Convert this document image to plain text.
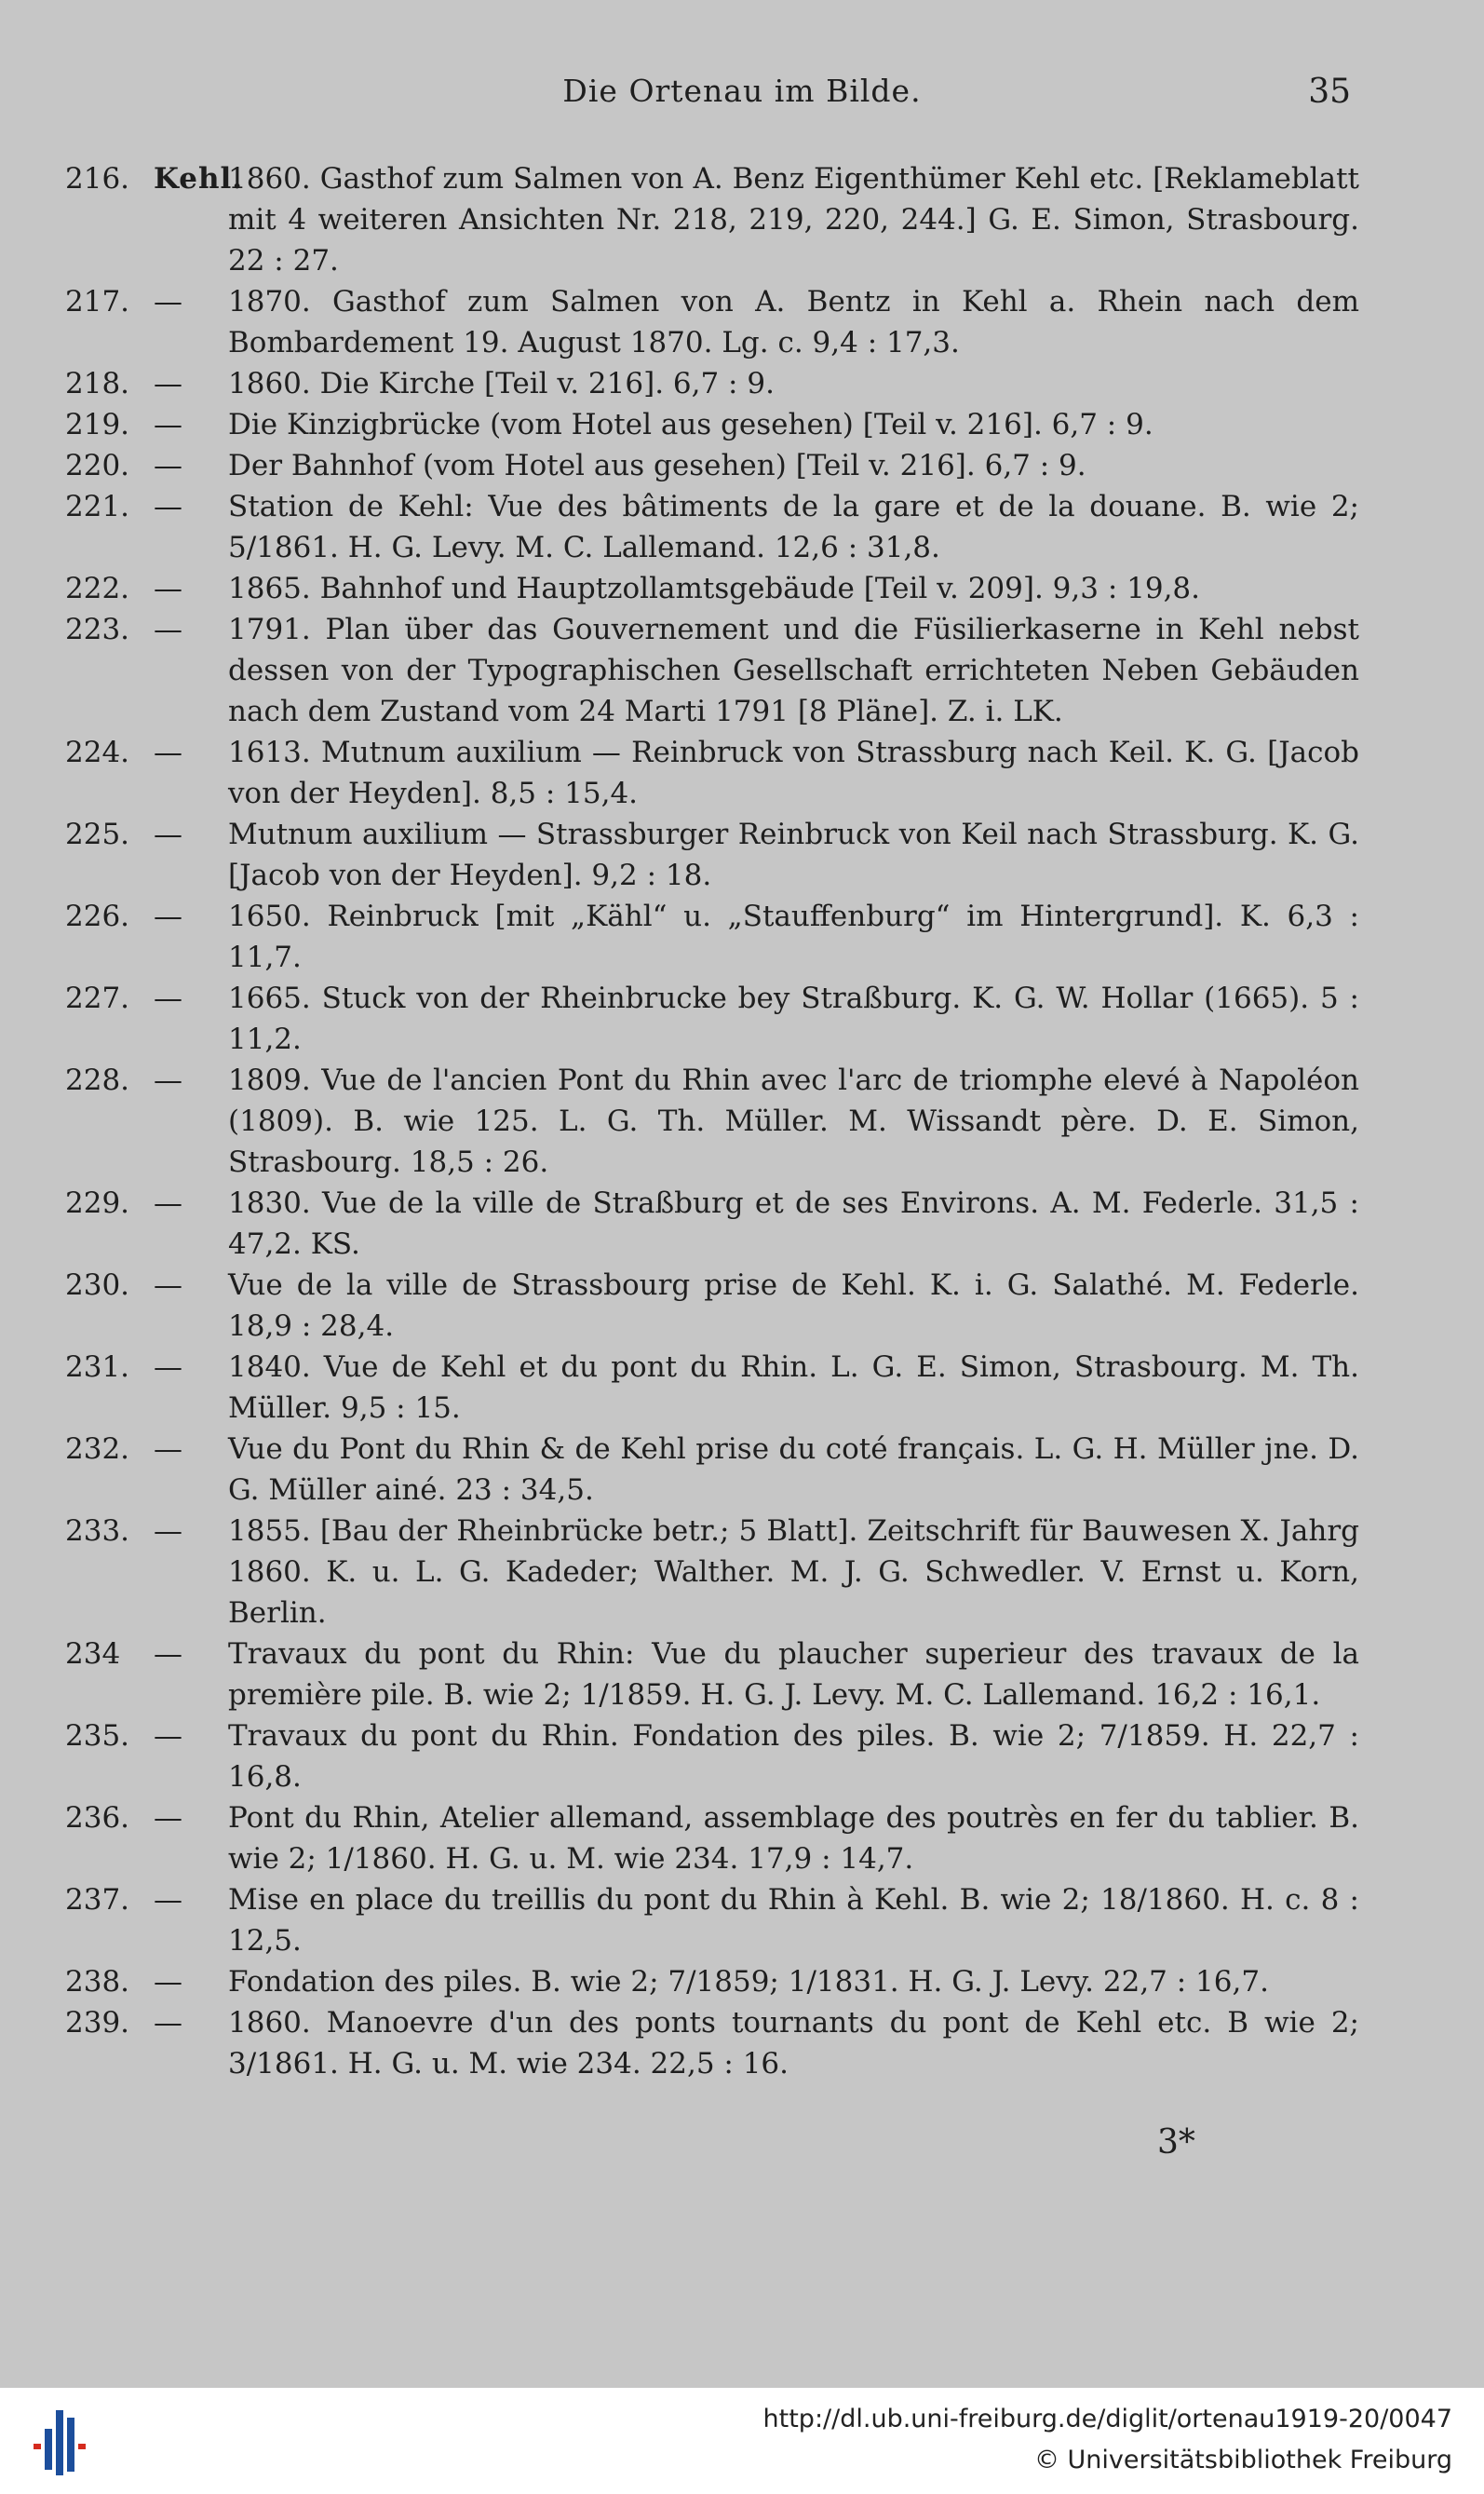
Die Ortenau im Bilde.	35
216. Kehl.
1860. Gasthof zum Salmen von A. Benz Eigenthümer Kehl etc. [Reklameblatt mit 4 weiteren Ansichten Nr. 218, 219, 220, 244.] G. E. Simon, Strasbourg. 22 : 27.
217. — 1870. Gasthof zum Salmen von A. Bentz in Kehl a. Rhein nach dem Bombardement 19. August 1870. Lg. c. 9,4 : 17,3.
218. — 1860. Die Kirche [Teil v. 216]. 6,7 : 9.
219. — Die Kinzigbrücke (vom Hotel aus gesehen) [Teil v. 216]. 6,7 : 9.
220. — Der Bahnhof (vom Hotel aus gesehen) [Teil v. 216]. 6,7 : 9.
221. — Station de Kehl: Vue des bâtiments de la gare et de la douane. B. wie 2; 5/1861. H. G. Levy. M. C. Lallemand. 12,6 : 31,8.
222. — 1865. Bahnhof und Hauptzollamtsgebäude [Teil v. 209]. 9,3 : 19,8.
223. — 1791. Plan über das Gouvernement und die Füsilierkaserne in Kehl nebst dessen von der Typographischen Gesellschaft errichteten Neben Gebäuden nach dem Zustand vom 24 Marti 1791 [8 Pläne]. Z. i. LK.
224. — 1613. Mutnum auxilium — Reinbruck von Strassburg nach Keil. K. G. [Jacob von der Heyden]. 8,5 : 15,4.
225. — Mutnum auxilium — Strassburger Reinbruck von Keil nach Strassburg. K. G. [Jacob von der Heyden]. 9,2 : 18.
226. — 1650. Reinbruck [mit „Kähl“ u. „Stauffenburg“ im Hintergrund]. K. 6,3 : 11,7.
227. — 1665. Stuck von der Rheinbrucke bey Straßburg. K. G. W. Hollar (1665). 5 : 11,2.
228. — 1809. Vue de l'ancien Pont du Rhin avec l'arc de triomphe elevé à Napoléon (1809). B. wie 125. L. G. Th. Müller. M. Wissandt père. D. E. Simon, Strasbourg. 18,5 : 26.
229. — 1830. Vue de la ville de Straßburg et de ses Environs. A. M. Federle. 31,5 : 47,2. KS.
230. — Vue de la ville de Strassbourg prise de Kehl. K. i. G. Salathé. M. Federle. 18,9 : 28,4.
231. — 1840. Vue de Kehl et du pont du Rhin. L. G. E. Simon, Strasbourg. M. Th. Müller. 9,5 : 15.
232. — Vue du Pont du Rhin & de Kehl prise du coté français. L. G. H. Müller jne. D. G. Müller ainé. 23 : 34,5.
233. — 1855. [Bau der Rheinbrücke betr.; 5 Blatt]. Zeitschrift für Bauwesen X. Jahrg 1860. K. u. L. G. Kadeder; Walther. M. J. G. Schwedler. V. Ernst u. Korn, Berlin.
234	— Travaux du pont du Rhin: Vue du plaucher superieur des travaux de la première pile. B. wie 2; 1/1859. H. G. J. Levy. M. C. Lallemand. 16,2 : 16,1.
235. — Travaux du pont du Rhin. Fondation des piles. B. wie 2; 7/1859. H. 22,7 : 16,8.
236. — Pont du Rhin, Atelier allemand, assemblage des poutrès en fer du tablier. B. wie 2; 1/1860. H. G. u. M. wie 234. 17,9 : 14,7.
237. — Mise en place du treillis du pont du Rhin à Kehl. B. wie 2; 18/1860. H. c. 8 : 12,5.
238. — Fondation des piles. B. wie 2; 7/1859; 1/1831. H. G. J. Levy. 22,7 : 16,7.
239. — 1860. Manoevre d'un des ponts tournants du pont de Kehl etc. B wie 2; 3/1861. H. G. u. M. wie 234. 22,5 : 16.
3*
http://dl.ub.uni-freiburg.de/diglit/ortenau1919-20/0047
© Universitätsbibliothek Freiburg
